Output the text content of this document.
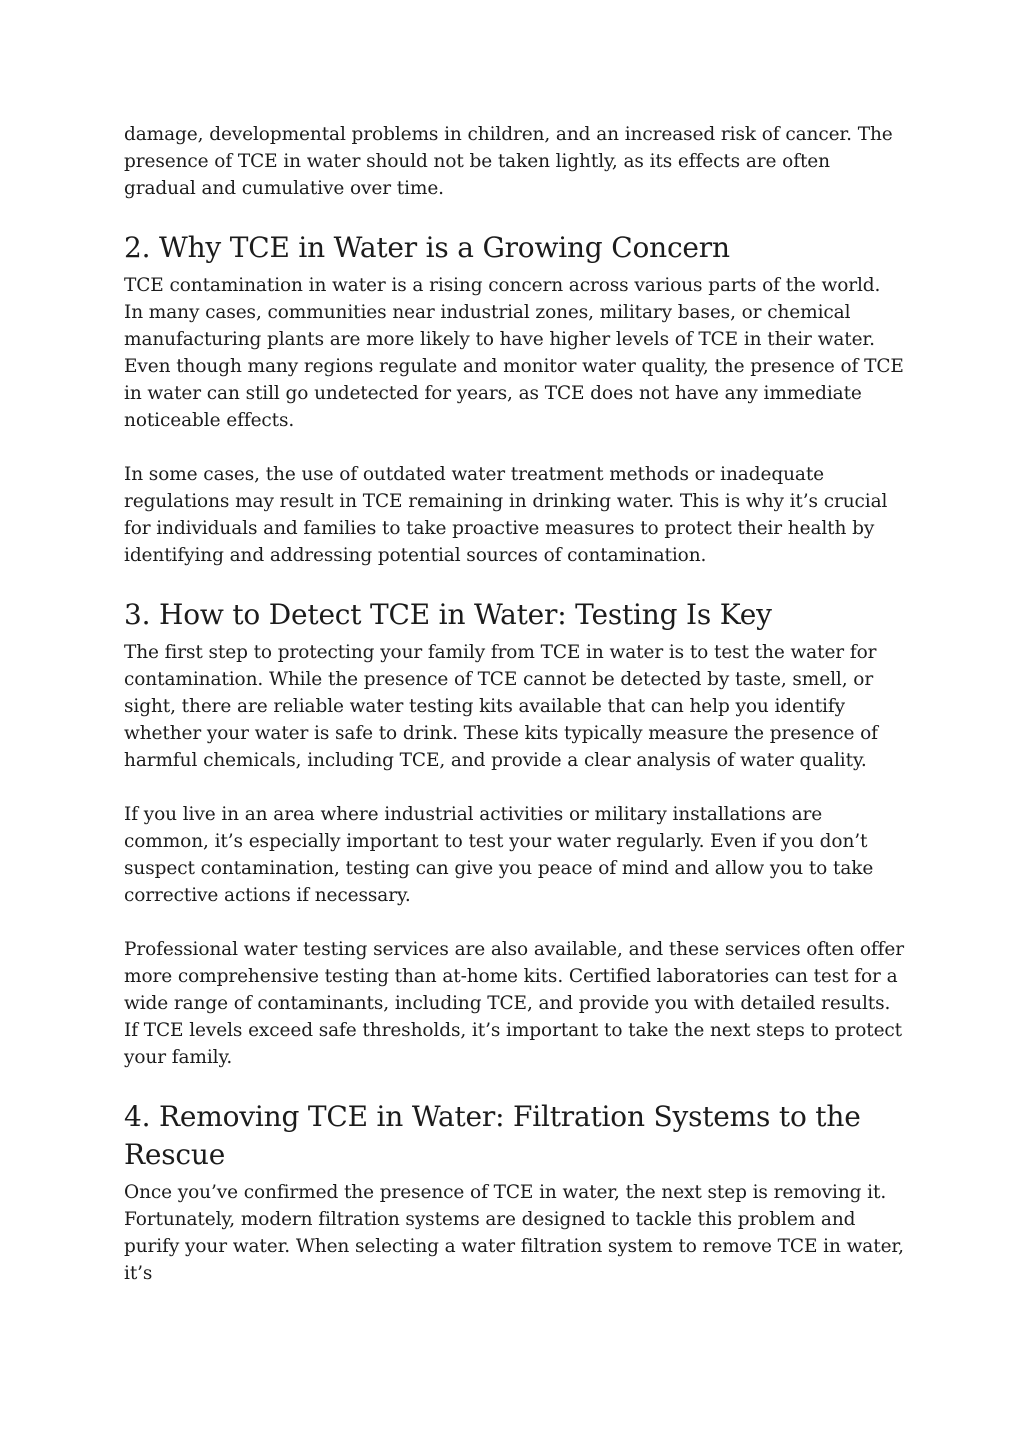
damage, developmental problems in children, and an increased risk of cancer. The presence of TCE in water should not be taken lightly, as its effects are often gradual and cumulative over time.

2. Why TCE in Water is a Growing Concern

TCE contamination in water is a rising concern across various parts of the world. In many cases, communities near industrial zones, military bases, or chemical manufacturing plants are more likely to have higher levels of TCE in their water. Even though many regions regulate and monitor water quality, the presence of TCE in water can still go undetected for years, as TCE does not have any immediate noticeable effects.

In some cases, the use of outdated water treatment methods or inadequate regulations may result in TCE remaining in drinking water. This is why it’s crucial for individuals and families to take proactive measures to protect their health by identifying and addressing potential sources of contamination.

3. How to Detect TCE in Water: Testing Is Key

The first step to protecting your family from TCE in water is to test the water for contamination. While the presence of TCE cannot be detected by taste, smell, or sight, there are reliable water testing kits available that can help you identify whether your water is safe to drink. These kits typically measure the presence of harmful chemicals, including TCE, and provide a clear analysis of water quality.

If you live in an area where industrial activities or military installations are common, it’s especially important to test your water regularly. Even if you don’t suspect contamination, testing can give you peace of mind and allow you to take corrective actions if necessary.

Professional water testing services are also available, and these services often offer more comprehensive testing than at-home kits. Certified laboratories can test for a wide range of contaminants, including TCE, and provide you with detailed results. If TCE levels exceed safe thresholds, it’s important to take the next steps to protect your family.

4. Removing TCE in Water: Filtration Systems to the Rescue

Once you’ve confirmed the presence of TCE in water, the next step is removing it. Fortunately, modern filtration systems are designed to tackle this problem and purify your water. When selecting a water filtration system to remove TCE in water, it’s
